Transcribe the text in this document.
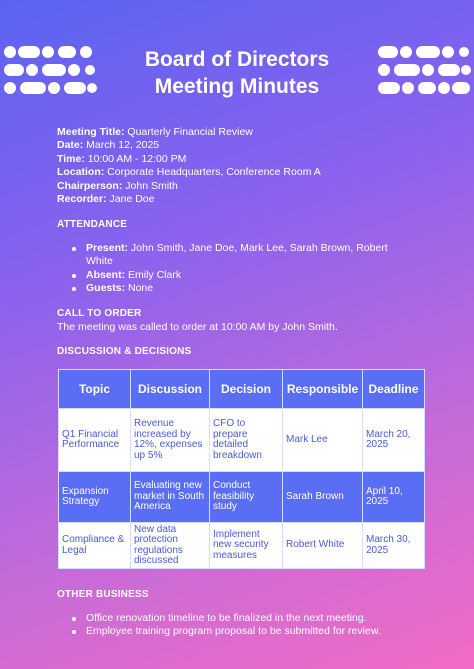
Board of Directors
Meeting Minutes
Meeting Title: Quarterly Financial Review
Date: March 12, 2025
Time: 10:00 AM - 12:00 PM
Location: Corporate Headquarters, Conference Room A
Chairperson: John Smith
Recorder: Jane Doe
ATTENDANCE
Present: John Smith, Jane Doe, Mark Lee, Sarah Brown, Robert White
Absent: Emily Clark
Guests: None
CALL TO ORDER
The meeting was called to order at 10:00 AM by John Smith.
DISCUSSION & DECISIONS
Topic	Discussion	Decision	Responsible	Deadline
Q1 Financial Performance	Revenue increased by 12%, expenses up 5%	CFO to prepare detailed breakdown	Mark Lee	March 20, 2025
Expansion Strategy	Evaluating new market in South America	Conduct feasibility study	Sarah Brown	April 10, 2025
Compliance & Legal	New data protection regulations discussed	Implement new security measures	Robert White	March 30, 2025
OTHER BUSINESS
Office renovation timeline to be finalized in the next meeting.
Employee training program proposal to be submitted for review.
